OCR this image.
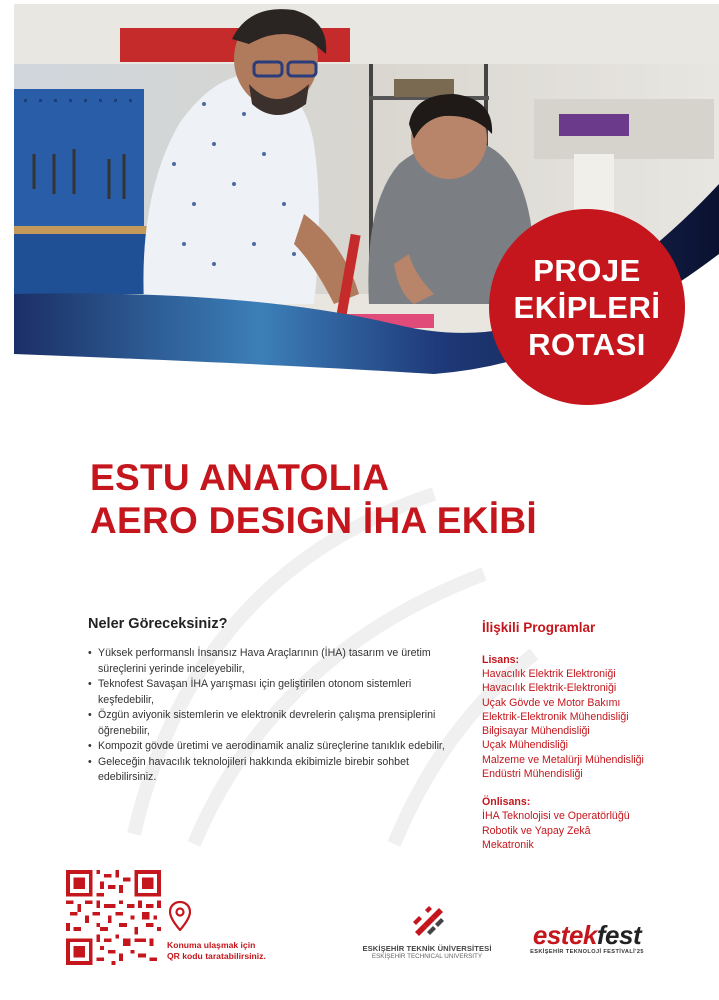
PROJE
EKİPLERİ
ROTASI
ESTU ANATOLIA
AERO DESIGN İHA EKİBİ
Neler Göreceksiniz?
• Yüksek performanslı İnsansız Hava Araçlarının (İHA) tasarım ve üretim süreçlerini yerinde inceleyebilir,
• Teknofest Savaşan İHA yarışması için geliştirilen otonom sistemleri keşfedebilir,
• Özgün aviyonik sistemlerin ve elektronik devrelerin çalışma prensiplerini öğrenebilir,
• Kompozit gövde üretimi ve aerodinamik analiz süreçlerine tanıklık edebilir,
• Geleceğin havacılık teknolojileri hakkında ekibimizle birebir sohbet edebilirsiniz.
İlişkili Programlar
Lisans:
Havacılık Elektrik Elektroniği
Havacılık Elektrik-Elektroniği
Uçak Gövde ve Motor Bakımı
Elektrik-Elektronik Mühendisliği
Bilgisayar Mühendisliği
Uçak Mühendisliği
Malzeme ve Metalürji Mühendisliği
Endüstri Mühendisliği
Önlisans:
İHA Teknolojisi ve Operatörlüğü
Robotik ve Yapay Zekâ
Mekatronik
Konuma ulaşmak için
QR kodu taratabilirsiniz.
ESKİŞEHİR TEKNİK ÜNİVERSİTESİ
ESKİŞEHİR TECHNICAL UNIVERSITY
estekfest
ESKİŞEHİR TEKNOLOJİ FESTİVALİ'25
